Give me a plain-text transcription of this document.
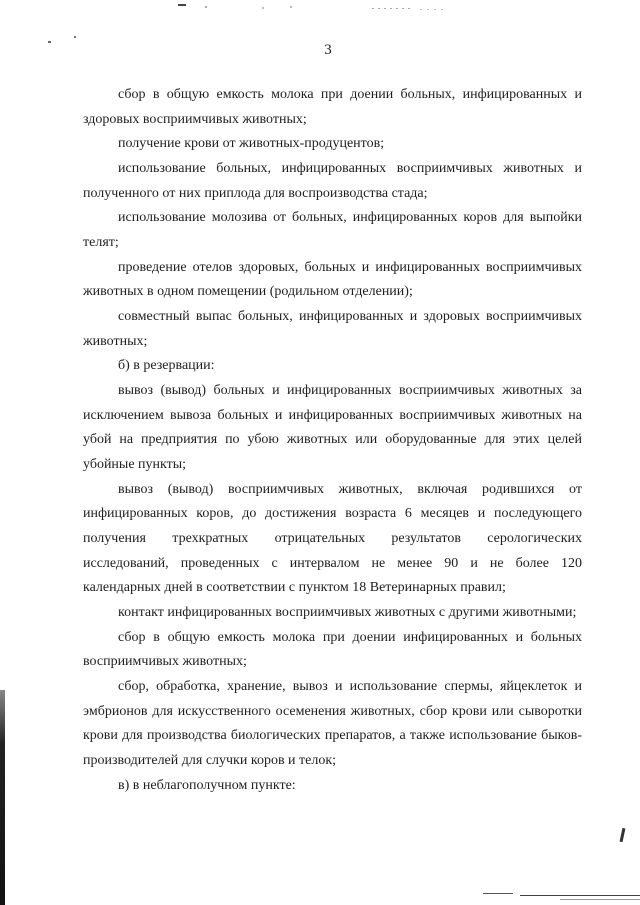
3
сбор в общую емкость молока при доении больных, инфицированных и
здоровых восприимчивых животных;
получение крови от животных-продуцентов;
использование больных, инфицированных восприимчивых животных и
полученного от них приплода для воспроизводства стада;
использование молозива от больных, инфицированных коров для выпойки
телят;
проведение отелов здоровых, больных и инфицированных восприимчивых
животных в одном помещении (родильном отделении);
совместный выпас больных, инфицированных и здоровых восприимчивых
животных;
б) в резервации:
вывоз (вывод) больных и инфицированных восприимчивых животных за
исключением вывоза больных и инфицированных восприимчивых животных на
убой на предприятия по убою животных или оборудованные для этих целей
убойные пункты;
вывоз (вывод) восприимчивых животных, включая родившихся от
инфицированных коров, до достижения возраста 6 месяцев и последующего
получения трехкратных отрицательных результатов серологических
исследований, проведенных с интервалом не менее 90 и не более 120
календарных дней в соответствии с пунктом 18 Ветеринарных правил;
контакт инфицированных восприимчивых животных с другими животными;
сбор в общую емкость молока при доении инфицированных и больных
восприимчивых животных;
сбор, обработка, хранение, вывоз и использование спермы, яйцеклеток и
эмбрионов для искусственного осеменения животных, сбор крови или сыворотки
крови для производства биологических препаратов, а также использование быков-
производителей для случки коров и телок;
в) в неблагополучном пункте:
